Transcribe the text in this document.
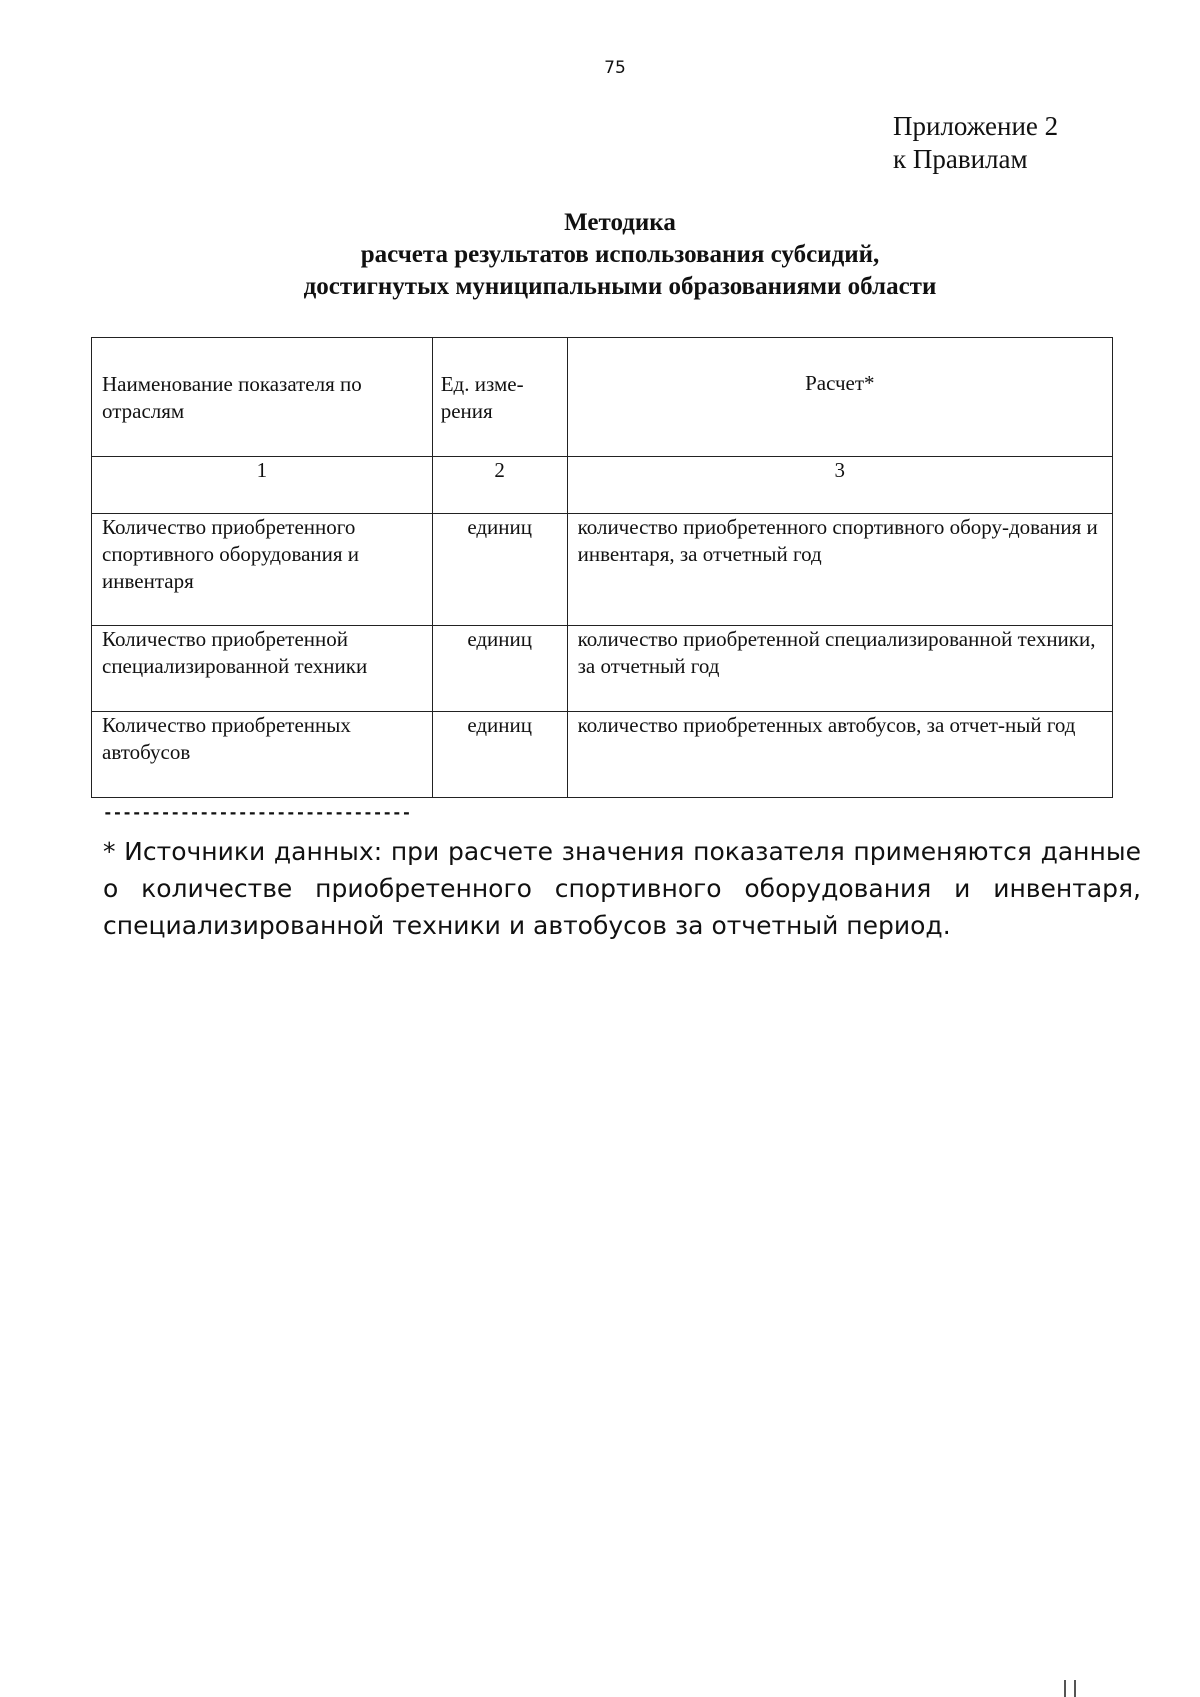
75
Приложение 2
к Правилам
Методика
расчета результатов использования субсидий,
достигнутых муниципальными образованиями области
Наименование показателя по отраслям	Ед. изме-рения	Расчет*
1	2	3
Количество приобретенного спортивного оборудования и инвентаря	единиц	количество приобретенного спортивного обору-дования и инвентаря, за отчетный год
Количество приобретенной специализированной техники	единиц	количество приобретенной специализированной техники, за отчетный год
Количество приобретенных автобусов	единиц	количество приобретенных автобусов, за отчет-ный год
--------------------------------
* Источники данных: при расчете значения показателя применяются данные о количестве приобретенного спортивного оборудования и инвентаря, специализированной техники и автобусов за отчетный период.
